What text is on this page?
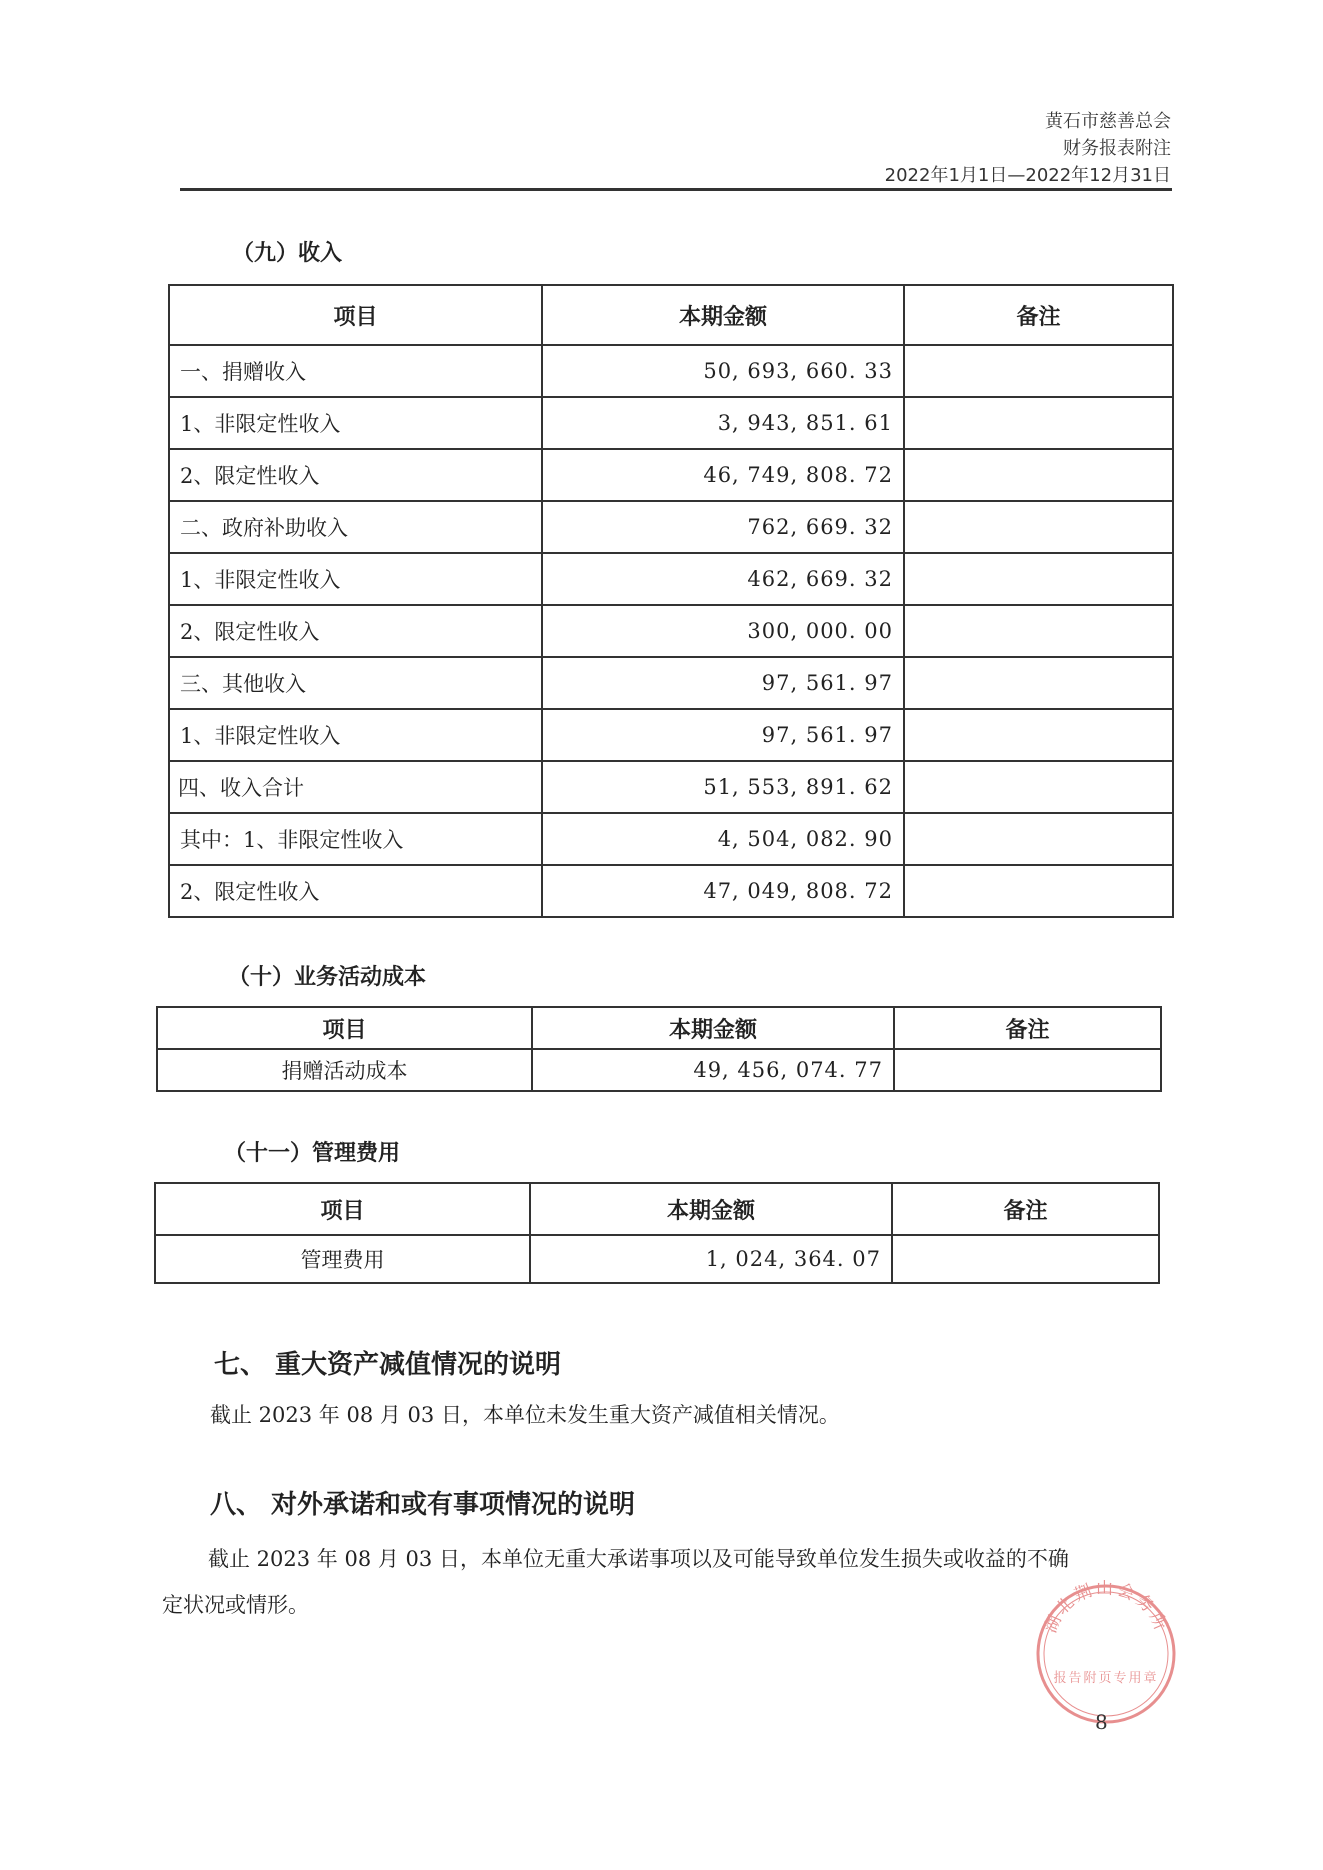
黄石市慈善总会
财务报表附注
2022年1月1日—2022年12月31日
（九）收入
项目	本期金额	备注
一、捐赠收入	50, 693, 660. 33	
1、非限定性收入	3, 943, 851. 61	
2、限定性收入	46, 749, 808. 72	
二、政府补助收入	762, 669. 32	
1、非限定性收入	462, 669. 32	
2、限定性收入	300, 000. 00	
三、其他收入	97, 561. 97	
1、非限定性收入	97, 561. 97	
四、收入合计	51, 553, 891. 62	
其中：1、非限定性收入	4, 504, 082. 90	
2、限定性收入	47, 049, 808. 72	
（十）业务活动成本
项目	本期金额	备注
捐赠活动成本	49, 456, 074. 77	
（十一）管理费用
项目	本期金额	备注
管理费用	1, 024, 364. 07	
七、 重大资产减值情况的说明
截止 2023 年 08 月 03 日，本单位未发生重大资产减值相关情况。
八、 对外承诺和或有事项情况的说明
截止 2023 年 08 月 03 日，本单位无重大承诺事项以及可能导致单位发生损失或收益的不确
定状况或情形。
湖北荆山会务所
报告附页专用章
8
